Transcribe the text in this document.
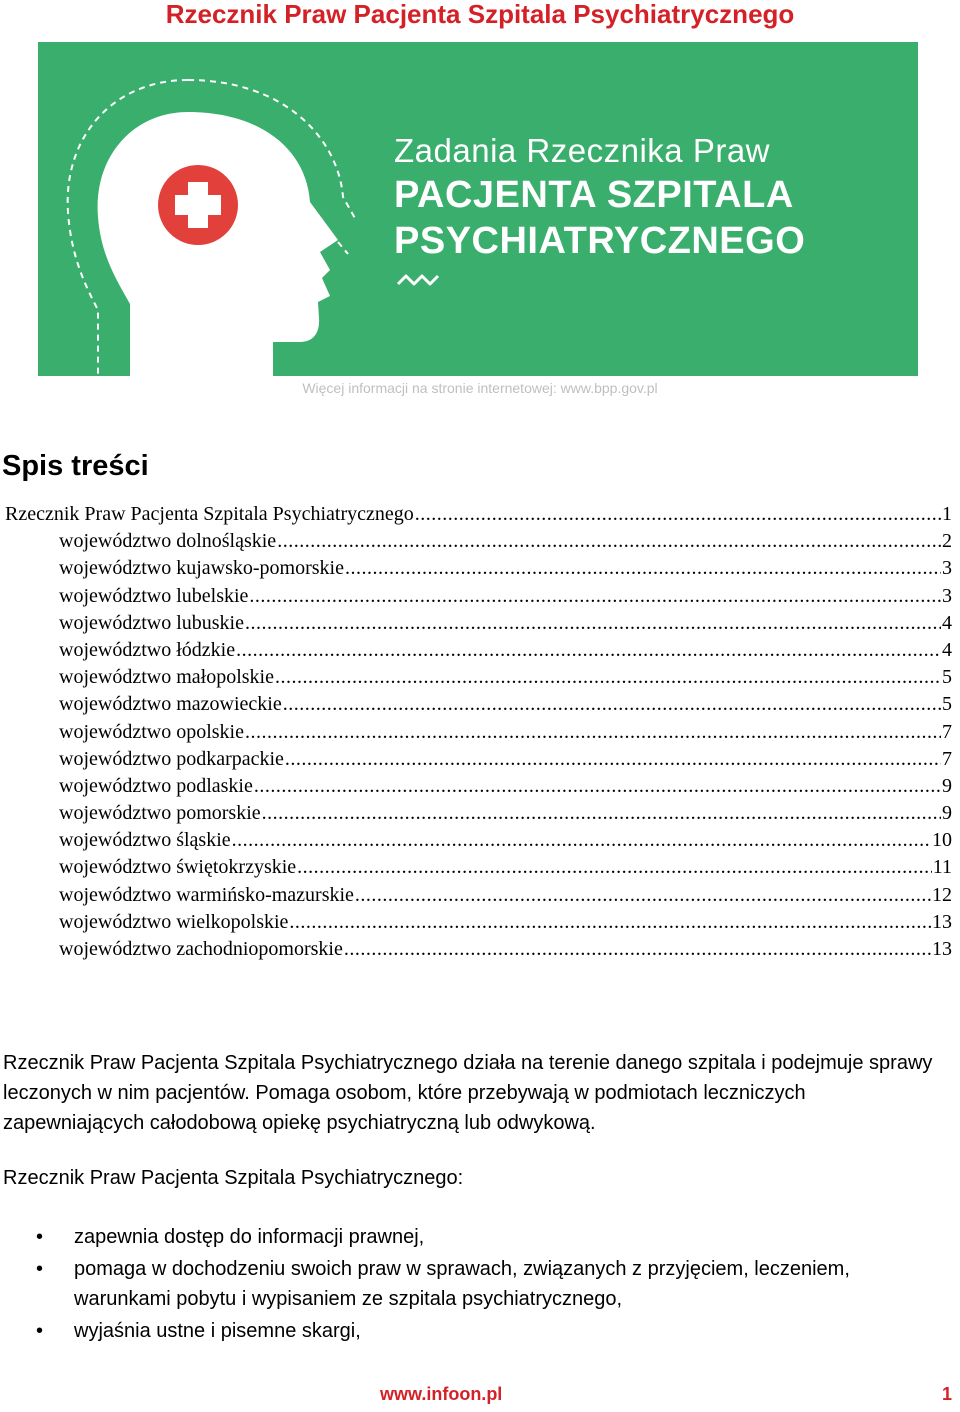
Rzecznik Praw Pacjenta Szpitala Psychiatrycznego
Zadania Rzecznika Praw
PACJENTA SZPITALA
PSYCHIATRYCZNEGO
Więcej informacji na stronie internetowej: www.bpp.gov.pl
Spis treści
Rzecznik Praw Pacjenta Szpitala Psychiatrycznego .....	1
województwo dolnośląskie .....	2
województwo kujawsko-pomorskie .....	3
województwo lubelskie .....	3
województwo lubuskie .....	4
województwo łódzkie .....	4
województwo małopolskie .....	5
województwo mazowieckie .....	5
województwo opolskie .....	7
województwo podkarpackie .....	7
województwo podlaskie .....	9
województwo pomorskie .....	9
województwo śląskie .....	10
województwo świętokrzyskie .....	11
województwo warmińsko-mazurskie .....	12
województwo wielkopolskie .....	13
województwo zachodniopomorskie .....	13

Rzecznik Praw Pacjenta Szpitala Psychiatrycznego działa na terenie danego szpitala i podejmuje sprawy leczonych w nim pacjentów. Pomaga osobom, które przebywają w podmiotach leczniczych zapewniających całodobową opiekę psychiatryczną lub odwykową.

Rzecznik Praw Pacjenta Szpitala Psychiatrycznego:

• zapewnia dostęp do informacji prawnej,
• pomaga w dochodzeniu swoich praw w sprawach, związanych z przyjęciem, leczeniem, warunkami pobytu i wypisaniem ze szpitala psychiatrycznego,
• wyjaśnia ustne i pisemne skargi,
www.infoon.pl	1
